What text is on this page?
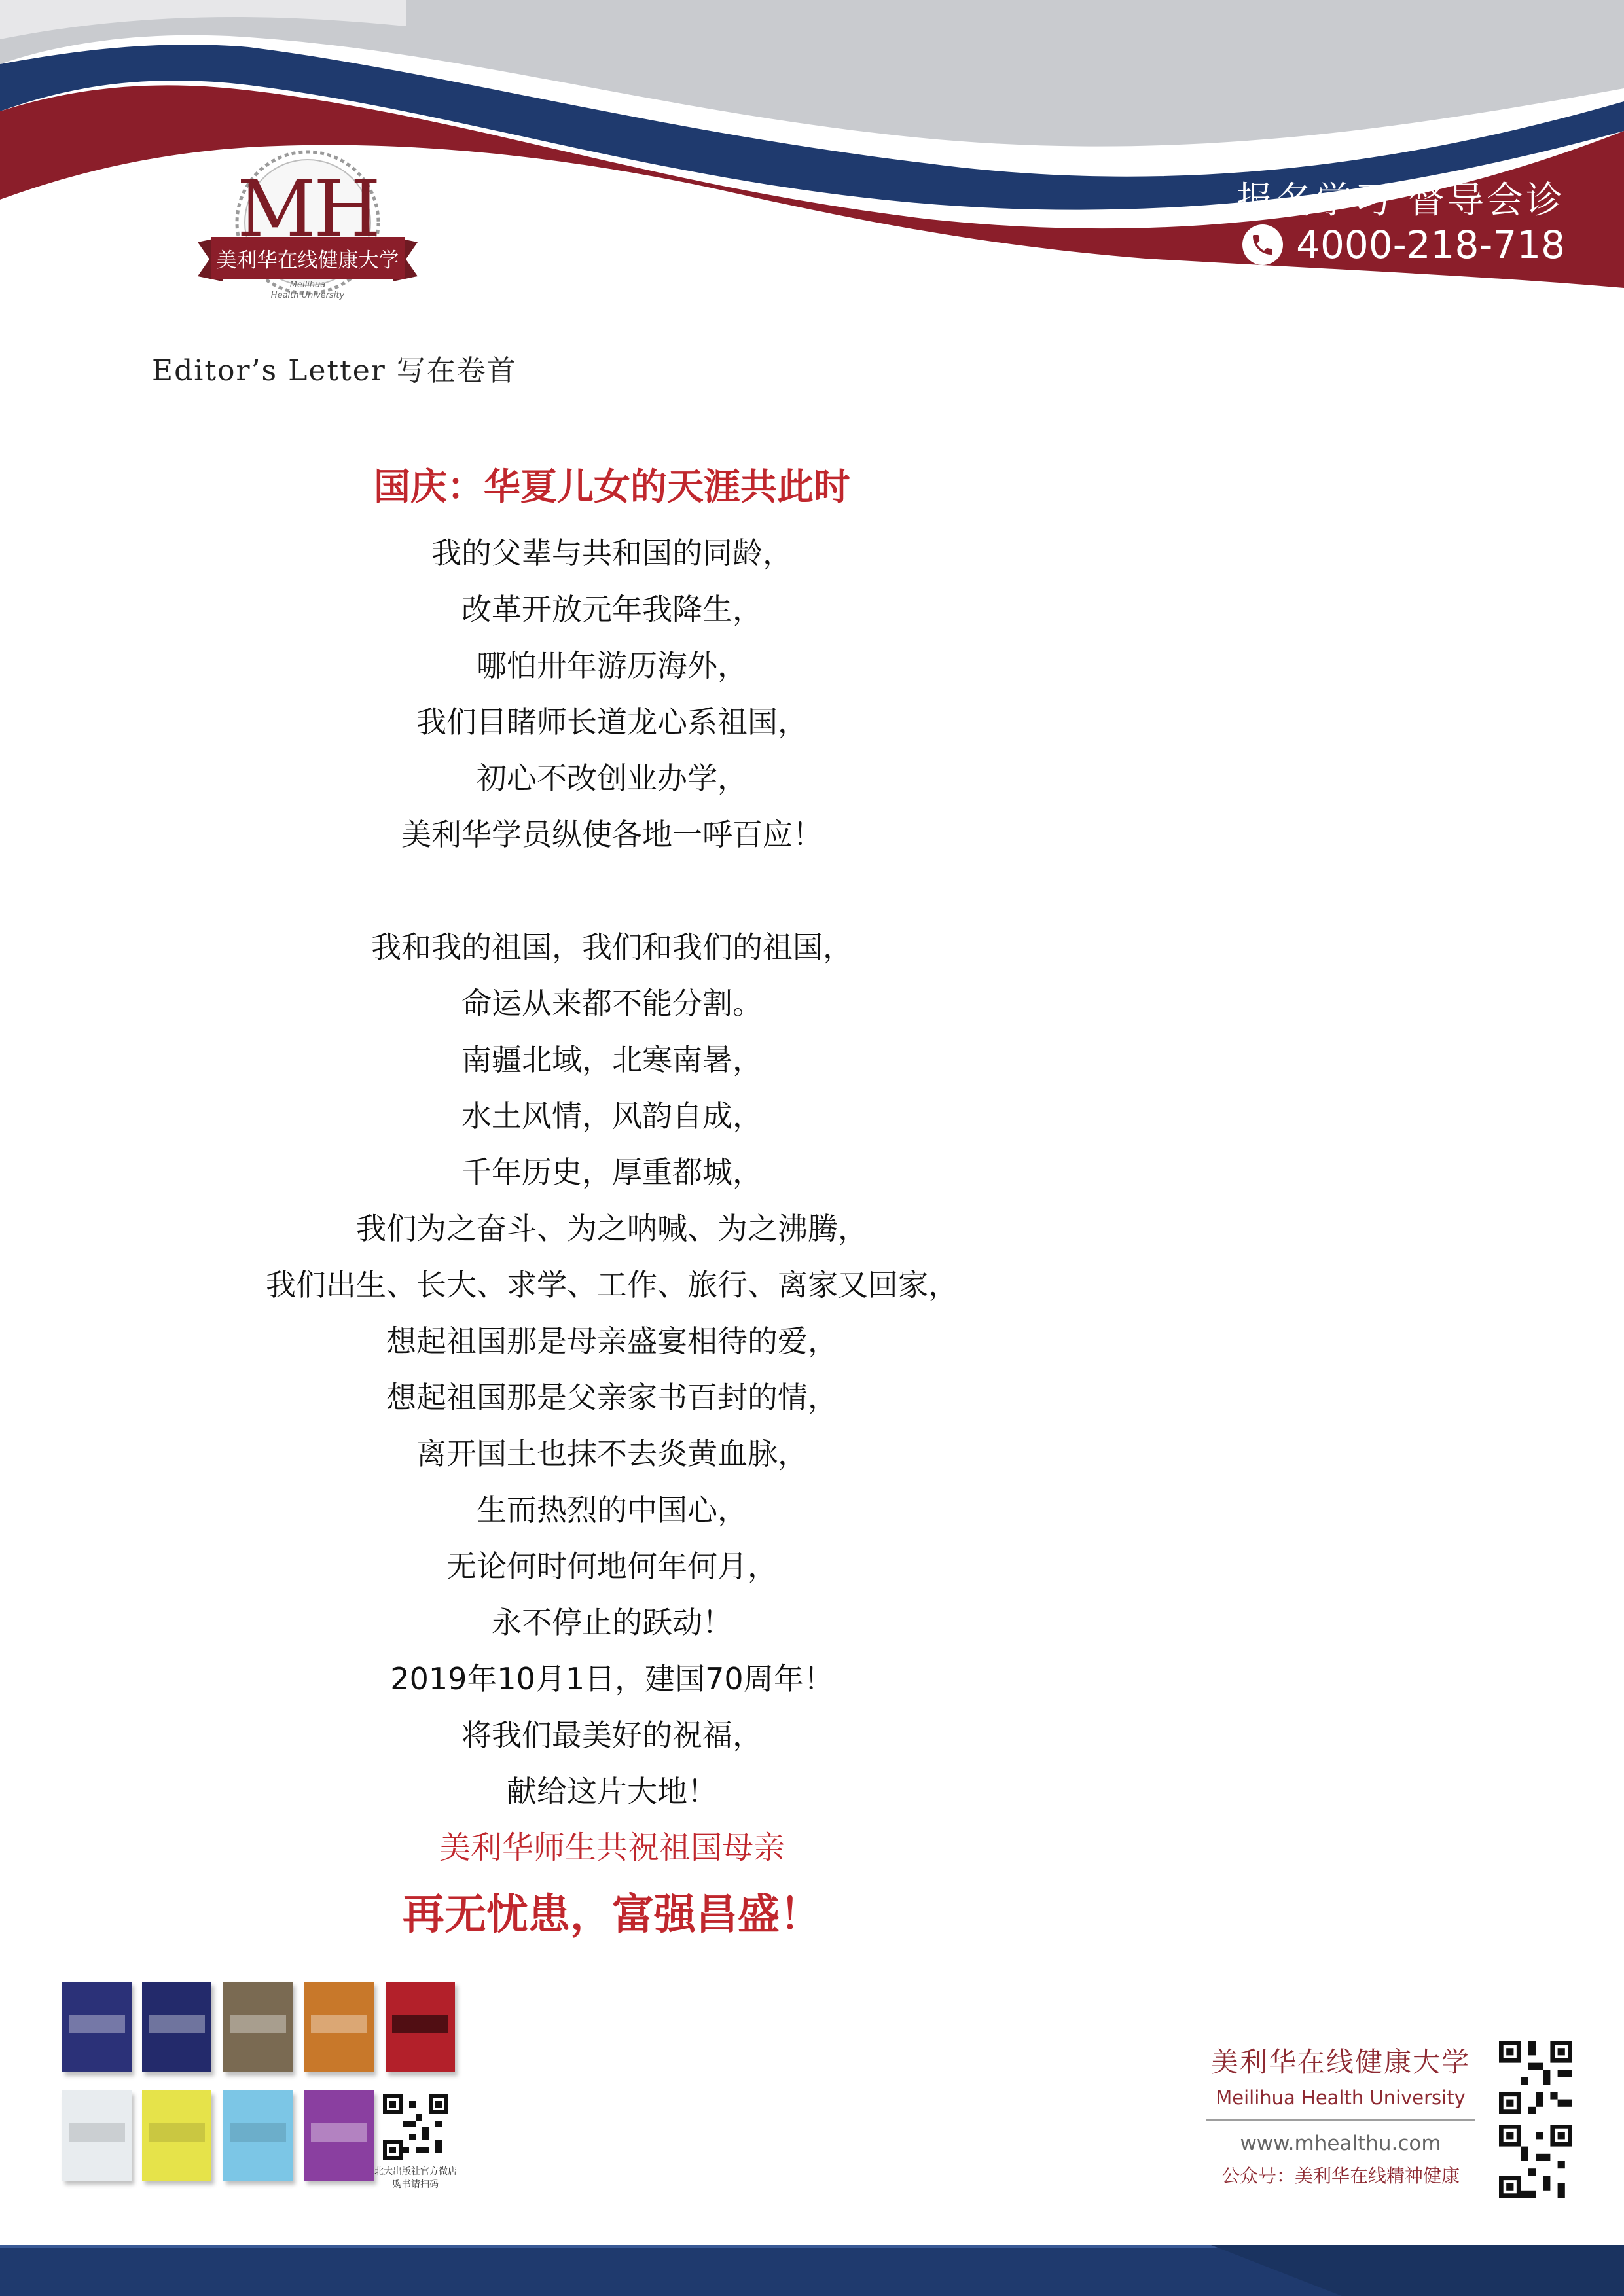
MH
美利华在线健康大学
Meilihua
Health University
报名学习 督导会诊
4000-218-718
Editor’s Letter 写在卷首
国庆：华夏儿女的天涯共此时
我的父辈与共和国的同龄，
改革开放元年我降生，
哪怕卅年游历海外，
我们目睹师长道龙心系祖国，
初心不改创业办学，
美利华学员纵使各地一呼百应！
我和我的祖国，我们和我们的祖国，
命运从来都不能分割。
南疆北域，北寒南暑，
水土风情，风韵自成，
千年历史，厚重都城，
我们为之奋斗、为之呐喊、为之沸腾，
我们出生、长大、求学、工作、旅行、离家又回家，
想起祖国那是母亲盛宴相待的爱，
想起祖国那是父亲家书百封的情，
离开国土也抹不去炎黄血脉，
生而热烈的中国心，
无论何时何地何年何月，
永不停止的跃动！
2019年10月1日，建国70周年！
将我们最美好的祝福，
献给这片大地！
美利华师生共祝祖国母亲
再无忧患，富强昌盛！
北大出版社官方微店
购书请扫码
美利华在线健康大学
Meilihua Health University
www.mhealthu.com
公众号：美利华在线精神健康
